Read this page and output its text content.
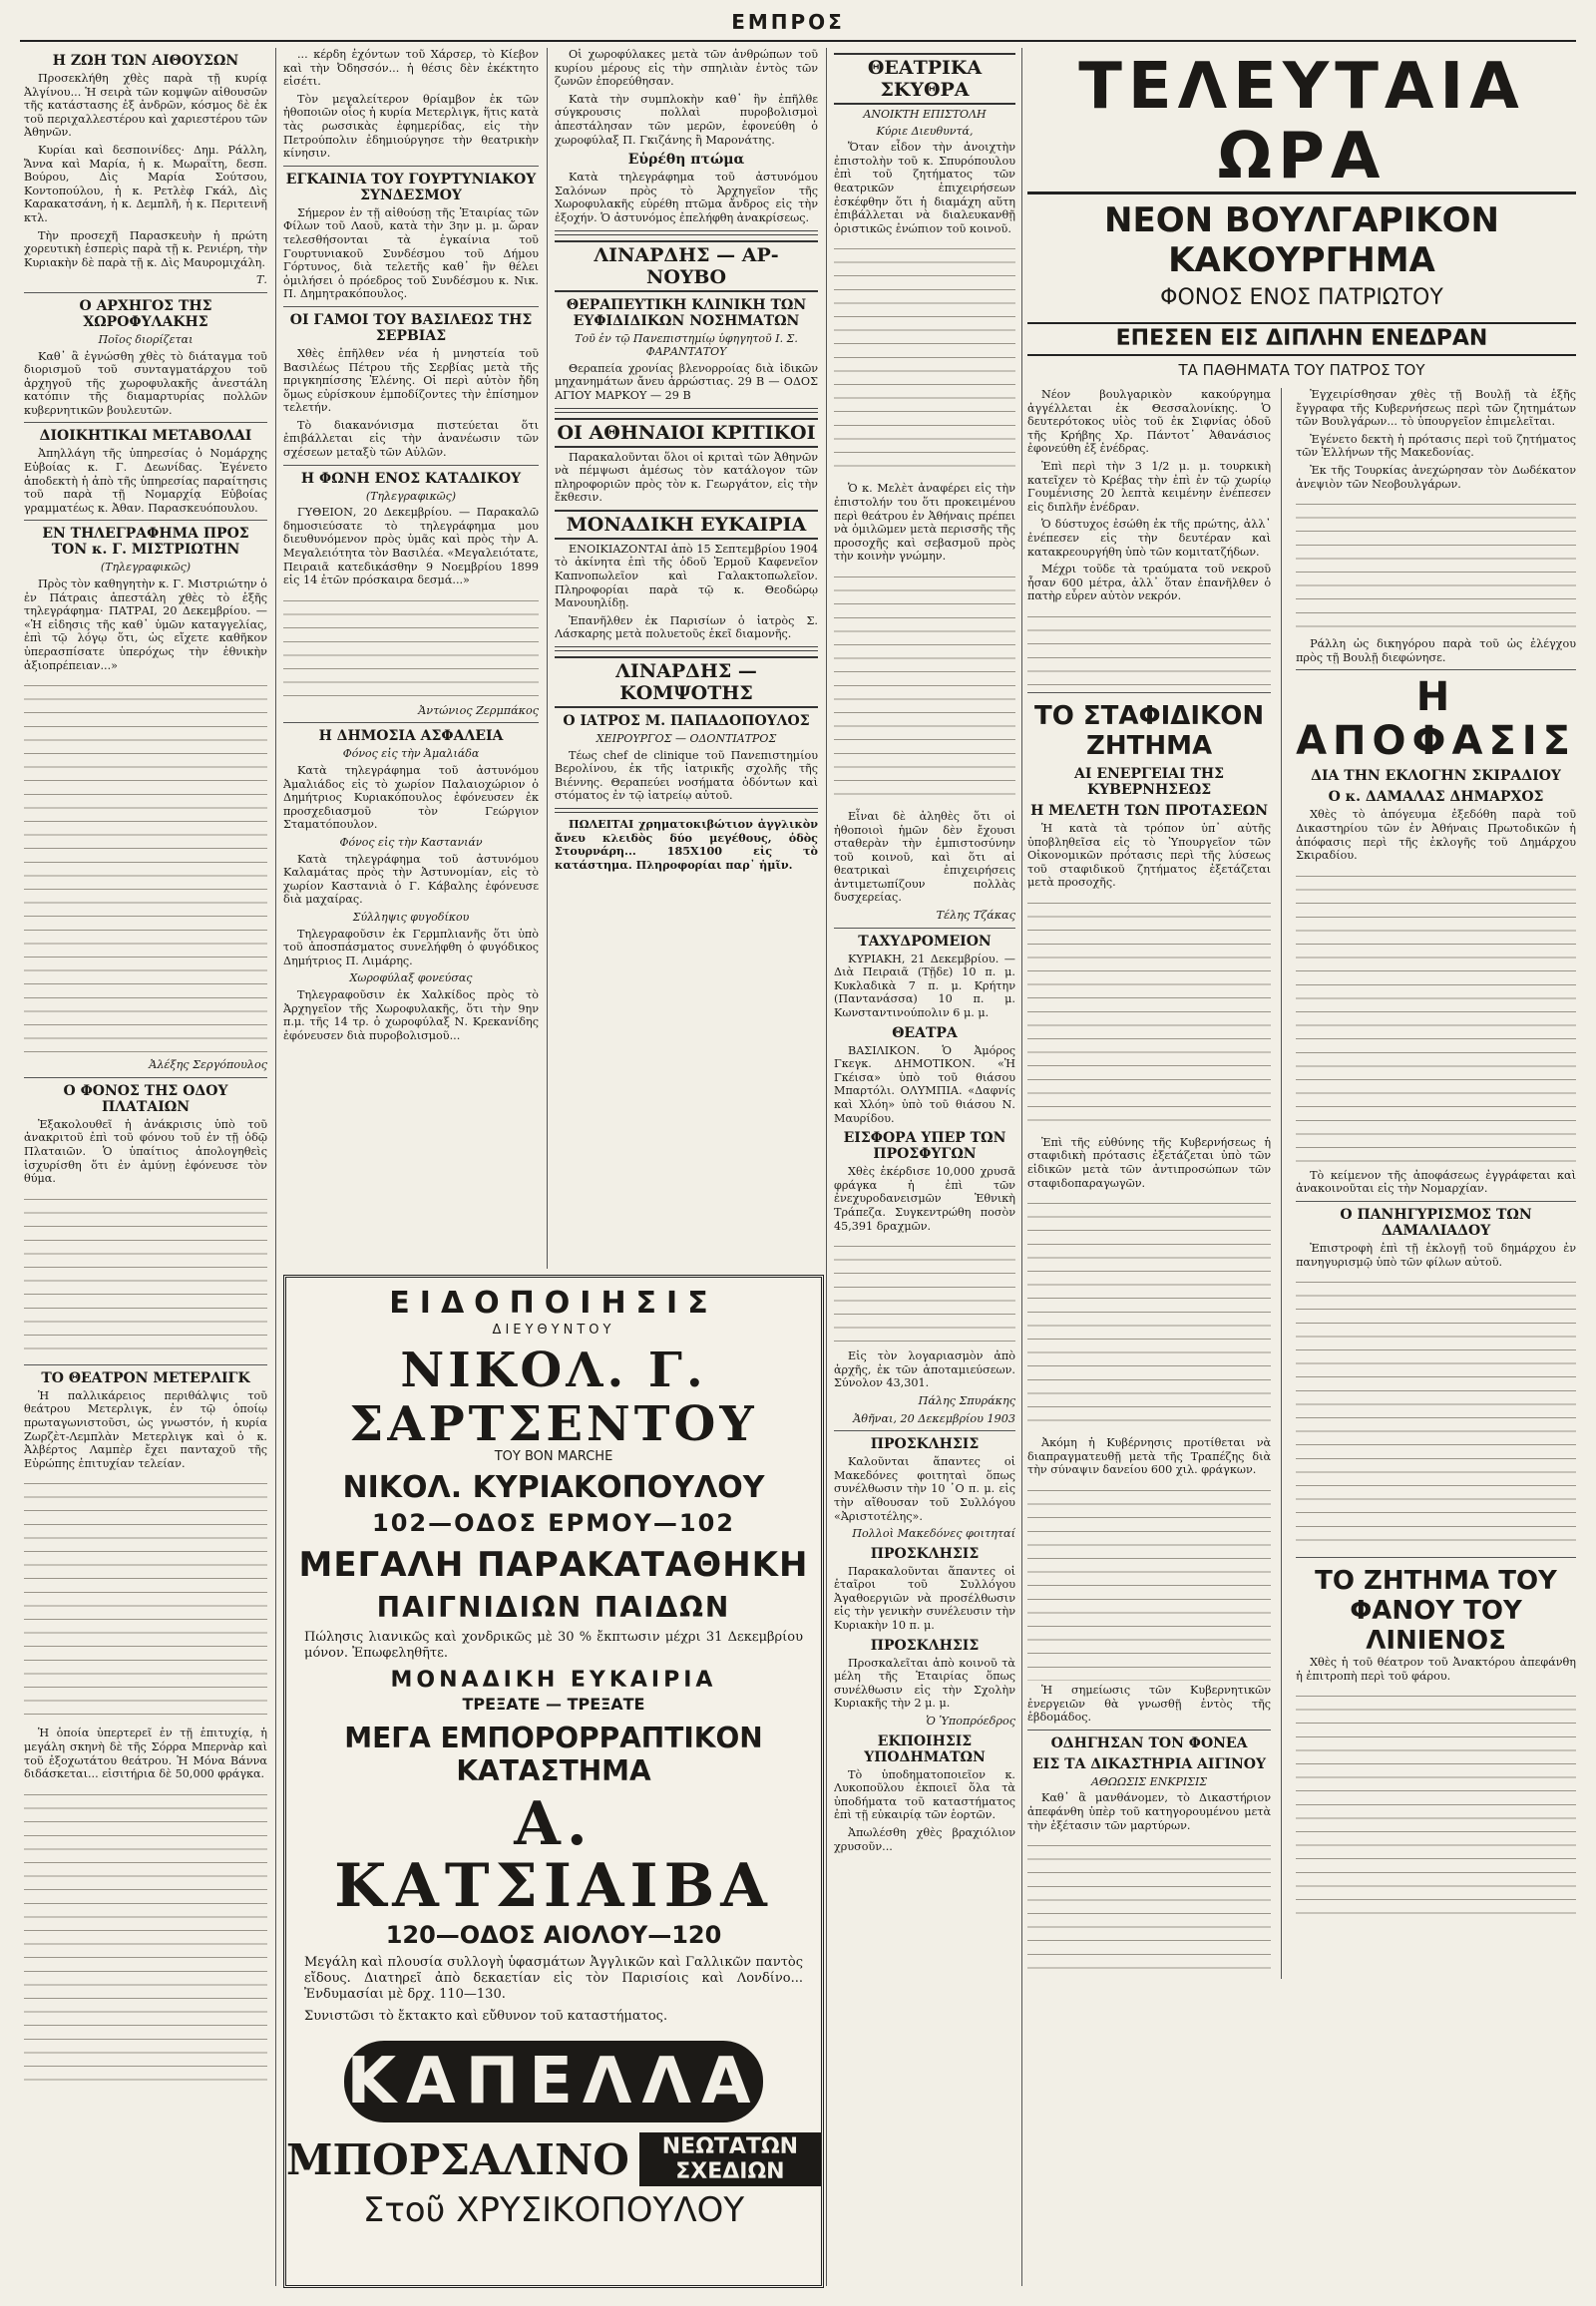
ΕΜΠΡΟΣ
Η ΖΩΗ ΤΩΝ ΑΙΘΟΥΣΩΝ

Προσεκλήθη χθὲς παρὰ τῇ κυρίᾳ Ἀλγίνου... Ἡ σειρὰ τῶν κομψῶν αἰθουσῶν τῆς κατάστασης ἐξ ἀνδρῶν, κόσμος δὲ ἐκ τοῦ περιχαλλεστέρου καὶ χαριεστέρου τῶν Ἀθηνῶν.

Κυρίαι καὶ δεσποινίδες· Δημ. Ράλλη, Ἄννα καὶ Μαρία, ἡ κ. Μωραΐτη, δεσπ. Βούρου, Δὶς Μαρία Σούτσου, Κοντοπούλου, ἡ κ. Ρετλὲφ Γκάλ, Δὶς Καρακατσάνη, ἡ κ. Δεμπλῆ, ἡ κ. Περιτεινῆ κτλ.

Τὴν προσεχῆ Παρασκευὴν ἡ πρώτη χορευτικὴ ἑσπερὶς παρὰ τῇ κ. Ρενιέρη, τὴν Κυριακὴν δὲ παρὰ τῇ κ. Δὶς Μαυρομιχάλη.

Τ.
Ο ΑΡΧΗΓΟΣ ΤΗΣ ΧΩΡΟΦΥΛΑΚΗΣ
Ποῖος διορίζεται

Καθ᾽ ἃ ἐγνώσθη χθὲς τὸ διάταγμα τοῦ διορισμοῦ τοῦ συνταγματάρχου τοῦ ἀρχηγοῦ τῆς χωροφυλακῆς ἀνεστάλη κατόπιν τῆς διαμαρτυρίας πολλῶν κυβερνητικῶν βουλευτῶν.

ΔΙΟΙΚΗΤΙΚΑΙ ΜΕΤΑΒΟΛΑΙ

Ἀπηλλάγη τῆς ὑπηρεσίας ὁ Νομάρχης Εὐβοίας κ. Γ. Δεωνίδας. Ἐγένετο ἀποδεκτὴ ἡ ἀπὸ τῆς ὑπηρεσίας παραίτησις τοῦ παρὰ τῇ Νομαρχίᾳ Εὐβοίας γραμματέως κ. Ἀθαν. Παρασκευόπουλου.

ΕΝ ΤΗΛΕΓΡΑΦΗΜΑ ΠΡΟΣ ΤΟΝ κ. Γ. ΜΙΣΤΡΙΩΤΗΝ
(Τηλεγραφικῶς)

Πρὸς τὸν καθηγητὴν κ. Γ. Μιστριώτην ὁ ἐν Πάτραις ἀπεστάλη χθὲς τὸ ἑξῆς τηλεγράφημα· ΠΑΤΡΑΙ, 20 Δεκεμβρίου. — «Ἡ εἰδησις τῆς καθ᾽ ὑμῶν καταγγελίας, ἐπὶ τῷ λόγῳ ὅτι, ὡς εἴχετε καθῆκον ὑπερασπίσατε ὑπερόχως τὴν ἐθνικὴν ἀξιοπρέπειαν...»

Ἀλέξης Σεργόπουλος
Ο ΦΟΝΟΣ ΤΗΣ ΟΔΟΥ ΠΛΑΤΑΙΩΝ

Ἐξακολουθεῖ ἡ ἀνάκρισις ὑπὸ τοῦ ἀνακριτοῦ ἐπὶ τοῦ φόνου τοῦ ἐν τῇ ὁδῷ Πλαταιῶν. Ὁ ὑπαίτιος ἀπολογηθεὶς ἰσχυρίσθη ὅτι ἐν ἀμύνῃ ἐφόνευσε τὸν θύμα.

ΤΟ ΘΕΑΤΡΟΝ ΜΕΤΕΡΛΙΓΚ

Ἡ παλλικάρειος περιθάλψις τοῦ θεάτρου Μετερλιγκ, ἐν τῷ ὁποίῳ πρωταγωνιστοῦσι, ὡς γνωστόν, ἡ κυρία Ζωρζὲτ-Λεμπλὰν Μετερλιγκ καὶ ὁ κ. Ἀλβέρτος Λαμπὲρ ἔχει πανταχοῦ τῆς Εὐρώπης ἐπιτυχίαν τελείαν.

Ἡ ὁποία ὑπερτερεῖ ἐν τῇ ἐπιτυχίᾳ, ἡ μεγάλη σκηνὴ δὲ τῆς Σόρρα Μπερνὰρ καὶ τοῦ ἐξοχωτάτου θεάτρου. Ἡ Μόνα Βάννα διδάσκεται... εἰσιτήρια δὲ 50,000 φράγκα.

... κέρδη ἐχόντων τοῦ Χάρσερ, τὸ Κίεβον καὶ τὴν Ὀδησσόν... ἡ θέσις δὲν ἐκέκτητο εἰσέτι.

Τὸν μεγαλείτερον θρίαμβον ἐκ τῶν ἠθοποιῶν οἷος ἡ κυρία Μετερλιγκ, ἥτις κατὰ τὰς ρωσσικὰς ἐφημερίδας, εἰς τὴν Πετρούπολιν ἐδημιούργησε τὴν θεατρικὴν κίνησιν.

ΕΓΚΑΙΝΙΑ ΤΟΥ ΓΟΥΡΤΥΝΙΑΚΟΥ ΣΥΝΔΕΣΜΟΥ

Σήμερον ἐν τῇ αἰθούσῃ τῆς Ἑταιρίας τῶν Φίλων τοῦ Λαοῦ, κατὰ τὴν 3ην μ. μ. ὥραν τελεσθήσονται τὰ ἐγκαίνια τοῦ Γουρτυνιακοῦ Συνδέσμου τοῦ Δήμου Γόρτυνος, διὰ τελετῆς καθ᾽ ἣν θέλει ὁμιλήσει ὁ πρόεδρος τοῦ Συνδέσμου κ. Νικ. Π. Δημητρακόπουλος.

ΟΙ ΓΑΜΟΙ ΤΟΥ ΒΑΣΙΛΕΩΣ ΤΗΣ ΣΕΡΒΙΑΣ

Χθὲς ἐπῆλθεν νέα ἡ μνηστεία τοῦ Βασιλέως Πέτρου τῆς Σερβίας μετὰ τῆς πριγκηπίσσης Ἑλένης. Οἱ περὶ αὐτὸν ἤδη ὅμως εὑρίσκουν ἐμποδίζοντες τὴν ἐπίσημον τελετήν.

Τὸ διακανόνισμα πιστεύεται ὅτι ἐπιβάλλεται εἰς τὴν ἀνανέωσιν τῶν σχέσεων μεταξὺ τῶν Αὐλῶν.

Η ΦΩΝΗ ΕΝΟΣ ΚΑΤΑΔΙΚΟΥ
(Τηλεγραφικῶς)

ΓΥΘΕΙΟΝ, 20 Δεκεμβρίου. — Παρακαλῶ δημοσιεύσατε τὸ τηλεγράφημα μου διευθυνόμενον πρὸς ὑμᾶς καὶ πρὸς τὴν Α. Μεγαλειότητα τὸν Βασιλέα. «Μεγαλειότατε, Πειραιᾶ κατεδικάσθην 9 Νοεμβρίου 1899 εἰς 14 ἐτῶν πρόσκαιρα δεσμά...»

Ἀντώνιος Ζερμπάκος
Η ΔΗΜΟΣΙΑ ΑΣΦΑΛΕΙΑ
Φόνος εἰς τὴν Ἀμαλιάδα

Κατὰ τηλεγράφημα τοῦ ἀστυνόμου Ἀμαλιάδος εἰς τὸ χωρίον Παλαιοχώριον ὁ Δημήτριος Κυριακόπουλος ἐφόνευσεν ἐκ προσχεδιασμοῦ τὸν Γεώργιον Σταματόπουλον.

Φόνος εἰς τὴν Καστανιάν

Κατὰ τηλεγράφημα τοῦ ἀστυνόμου Καλαμάτας πρὸς τὴν Ἀστυνομίαν, εἰς τὸ χωρίον Καστανιὰ ὁ Γ. Κάβαλης ἐφόνευσε διὰ μαχαίρας.

Σύλληψις φυγοδίκου

Τηλεγραφοῦσιν ἐκ Γερμπλιανῆς ὅτι ὑπὸ τοῦ ἀποσπάσματος συνελήφθη ὁ φυγόδικος Δημήτριος Π. Λιμάρης.

Χωροφύλαξ φονεύσας

Τηλεγραφοῦσιν ἐκ Χαλκίδος πρὸς τὸ Ἀρχηγεῖον τῆς Χωροφυλακῆς, ὅτι τὴν 9ην π.μ. τῆς 14 τρ. ὁ χωροφύλαξ Ν. Κρεκανίδης ἐφόνευσεν διὰ πυροβολισμοῦ...

Οἱ χωροφύλακες μετὰ τῶν ἀνθρώπων τοῦ κυρίου μέρους εἰς τὴν σπηλιὰν ἐντὸς τῶν ζωνῶν ἐπορεύθησαν.

Κατὰ τὴν συμπλοκὴν καθ᾽ ἣν ἐπῆλθε σύγκρουσις πολλαὶ πυροβολισμοὶ ἀπεστάλησαν τῶν μερῶν, ἐφονεύθη ὁ χωροφύλαξ Π. Γκιζάνης ἢ Μαρονάτης.

Εὑρέθη πτώμα

Κατὰ τηλεγράφημα τοῦ ἀστυνόμου Σαλόνων πρὸς τὸ Ἀρχηγεῖον τῆς Χωροφυλακῆς εὑρέθη πτῶμα ἄνδρος εἰς τὴν ἐξοχήν. Ὁ ἀστυνόμος ἐπελήφθη ἀνακρίσεως.

ΛΙΝΑΡΔΗΣ — ΑΡ-ΝΟΥΒΟ
ΘΕΡΑΠΕΥΤΙΚΗ ΚΛΙΝΙΚΗ ΤΩΝ ΕΥΦΙΔΙΔΙΚΩΝ ΝΟΣΗΜΑΤΩΝ
Τοῦ ἐν τῷ Πανεπιστημίῳ ὑφηγητοῦ Ι. Σ. ΦΑΡΑΝΤΑΤΟΥ

Θεραπεία χρονίας βλενορροίας διὰ ἰδικῶν μηχανημάτων ἄνευ ἀρρώστιας. 29 Β — ΟΔΟΣ ΑΓΙΟΥ ΜΑΡΚΟΥ — 29 Β

ΟΙ ΑΘΗΝΑΙΟΙ ΚΡΙΤΙΚΟΙ

Παρακαλοῦνται ὅλοι οἱ κριταὶ τῶν Ἀθηνῶν νὰ πέμψωσι ἀμέσως τὸν κατάλογον τῶν πληροφοριῶν πρὸς τὸν κ. Γεωργάτον, εἰς τὴν ἔκθεσιν.

ΜΟΝΑΔΙΚΗ ΕΥΚΑΙΡΙΑ

ΕΝΟΙΚΙΑΖΟΝΤΑΙ ἀπὸ 15 Σεπτεμβρίου 1904 τὸ ἀκίνητα ἐπὶ τῆς ὁδοῦ Ἑρμοῦ Καφενεῖον Καπνοπωλεῖον καὶ Γαλακτοπωλεῖον. Πληροφορίαι παρὰ τῷ κ. Θεοδώρῳ Μανουηλίδῃ.

Ἐπανῆλθεν ἐκ Παρισίων ὁ ἰατρὸς Σ. Λάσκαρης μετὰ πολυετοῦς ἐκεῖ διαμονῆς.

ΛΙΝΑΡΔΗΣ — ΚΟΜΨΟΤΗΣ
Ο ΙΑΤΡΟΣ Μ. ΠΑΠΑΔΟΠΟΥΛΟΣ
ΧΕΙΡΟΥΡΓΟΣ — ΟΔΟΝΤΙΑΤΡΟΣ

Τέως chef de clinique τοῦ Πανεπιστημίου Βερολίνου, ἐκ τῆς ἰατρικῆς σχολῆς τῆς Βιέννης. Θεραπεύει νοσήματα ὀδόντων καὶ στόματος ἐν τῷ ἰατρείῳ αὐτοῦ.

ΠΩΛΕΙΤΑΙ χρηματοκιβώτιον ἀγγλικὸν ἄνευ κλειδὸς δύο μεγέθους, ὁδὸς Στουρνάρη... 185Χ100 εἰς τὸ κατάστημα. Πληροφορίαι παρ᾽ ἡμῖν.

ΕΙΔΟΠΟΙΗΣΙΣ
ΔΙΕΥΘΥΝΤΟΥ
ΝΙΚΟΛ. Γ. ΣΑΡΤΣΕΝΤΟΥ
ΤΟΥ BON MARCHE
ΝΙΚΟΛ. ΚΥΡΙΑΚΟΠΟΥΛΟΥ
102—ΟΔΟΣ ΕΡΜΟΥ—102
ΜΕΓΑΛΗ ΠΑΡΑΚΑΤΑΘΗΚΗ
ΠΑΙΓΝΙΔΙΩΝ ΠΑΙΔΩΝ
Πώλησις λιανικῶς καὶ χονδρικῶς μὲ 30 % ἔκπτωσιν μέχρι 31 Δεκεμβρίου μόνον. Ἐπωφεληθῆτε.
ΜΟΝΑΔΙΚΗ ΕΥΚΑΙΡΙΑ
ΤΡΕΞΑΤΕ — ΤΡΕΞΑΤΕ
ΜΕΓΑ ΕΜΠΟΡΟΡΡΑΠΤΙΚΟΝ ΚΑΤΑΣΤΗΜΑ
Α. ΚΑΤΣΙΑΙΒΑ
120—ΟΔΟΣ ΑΙΟΛΟΥ—120
Μεγάλη καὶ πλουσία συλλογὴ ὑφασμάτων Ἀγγλικῶν καὶ Γαλλικῶν παντὸς εἴδους. Διατηρεῖ ἀπὸ δεκαετίαν εἰς τὸν Παρισίοις καὶ Λονδίνο... Ἐνδυμασίαι μὲ δρχ. 110—130.
Συνιστῶσι τὸ ἔκτακτο καὶ εὔθυνον τοῦ καταστήματος.
ΚΑΠΕΛΛΑ
ΜΠΟΡΣΑΛΙΝΟ	ΝΕΩΤΑΤΩΝ ΣΧΕΔΙΩΝ
Στοῦ ΧΡΥΣΙΚΟΠΟΥΛΟΥ
ΘΕΑΤΡΙΚΑ ΣΚΥΘΡΑ
ΑΝΟΙΚΤΗ ΕΠΙΣΤΟΛΗ
Κύριε Διευθυντά,

Ὅταν εἶδον τὴν ἀνοιχτὴν ἐπιστολὴν τοῦ κ. Σπυρόπουλου ἐπὶ τοῦ ζητήματος τῶν θεατρικῶν ἐπιχειρήσεων ἐσκέφθην ὅτι ἡ διαμάχη αὕτη ἐπιβάλλεται νὰ διαλευκανθῇ ὁριστικῶς ἐνώπιον τοῦ κοινοῦ.

Ὁ κ. Μελὲτ ἀναφέρει εἰς τὴν ἐπιστολήν του ὅτι προκειμένου περὶ θεάτρου ἐν Ἀθήναις πρέπει νὰ ὁμιλῶμεν μετὰ περισσῆς τῆς προσοχῆς καὶ σεβασμοῦ πρὸς τὴν κοινὴν γνώμην.

Εἶναι δὲ ἀληθὲς ὅτι οἱ ἠθοποιοὶ ἡμῶν δὲν ἔχουσι σταθερὰν τὴν ἐμπιστοσύνην τοῦ κοινοῦ, καὶ ὅτι αἱ θεατρικαὶ ἐπιχειρήσεις ἀντιμετωπίζουν πολλὰς δυσχερείας.

Τέλης Τζάκας
ΤΑΧΥΔΡΟΜΕΙΟΝ

ΚΥΡΙΑΚΗ, 21 Δεκεμβρίου. — Διὰ Πειραιᾶ (Τῇδε) 10 π. μ. Κυκλαδικὰ 7 π. μ. Κρήτην (Παντανάσσα) 10 π. μ. Κωνσταντινούπολιν 6 μ. μ.

ΘΕΑΤΡΑ

ΒΑΣΙΛΙΚΟΝ. Ὁ Ἀμόρος Γκεγκ. ΔΗΜΟΤΙΚΟΝ. «Ἡ Γκέισα» ὑπὸ τοῦ θιάσου Μπαρτόλι. ΟΛΥΜΠΙΑ. «Δαφνίς καὶ Χλόη» ὑπὸ τοῦ θιάσου Ν. Μαυρίδου.

ΕΙΣΦΟΡΑ ΥΠΕΡ ΤΩΝ ΠΡΟΣΦΥΓΩΝ

Χθὲς ἐκέρδισε 10,000 χρυσᾶ φράγκα ἡ ἐπὶ τῶν ἐνεχυροδανεισμῶν Ἑθνικὴ Τράπεζα. Συγκεντρώθη ποσὸν 45,391 δραχμῶν.

Εἰς τὸν λογαριασμὸν ἀπὸ ἀρχῆς, ἐκ τῶν ἀποταμιεύσεων. Σύνολον 43,301.

Πάλης Σπυράκης
Ἀθῆναι, 20 Δεκεμβρίου 1903
ΠΡΟΣΚΛΗΣΙΣ

Καλοῦνται ἅπαντες οἱ Μακεδόνες φοιτηταὶ ὅπως συνέλθωσιν τὴν 10 ᾽Ο π. μ. εἰς τὴν αἴθουσαν τοῦ Συλλόγου «Ἀριστοτέλης».

Πολλοὶ Μακεδόνες φοιτηταί
ΠΡΟΣΚΛΗΣΙΣ

Παρακαλοῦνται ἅπαντες οἱ ἑταῖροι τοῦ Συλλόγου Ἀγαθοεργιῶν νὰ προσέλθωσιν εἰς τὴν γενικὴν συνέλευσιν τὴν Κυριακὴν 10 π. μ.

ΠΡΟΣΚΛΗΣΙΣ

Προσκαλεῖται ἀπὸ κοινοῦ τὰ μέλη τῆς Ἑταιρίας ὅπως συνέλθωσιν εἰς τὴν Σχολὴν Κυριακῆς τὴν 2 μ. μ.

Ὁ Ὑποπρόεδρος
ΕΚΠΟΙΗΣΙΣ ΥΠΟΔΗΜΑΤΩΝ

Τὸ ὑποδηματοποιεῖον κ. Λυκοποῦλου ἐκποιεῖ ὅλα τὰ ὑποδήματα τοῦ καταστήματος ἐπὶ τῇ εὐκαιρίᾳ τῶν ἑορτῶν.

Ἀπωλέσθη χθὲς βραχιόλιον χρυσοῦν...

ΤΕΛΕΥΤΑΙΑ ΩΡΑ
ΝΕΟΝ ΒΟΥΛΓΑΡΙΚΟΝ ΚΑΚΟΥΡΓΗΜΑ
ΦΟΝΟΣ ΕΝΟΣ ΠΑΤΡΙΩΤΟΥ
ΕΠΕΣΕΝ ΕΙΣ ΔΙΠΛΗΝ ΕΝΕΔΡΑΝ
ΤΑ ΠΑΘΗΜΑΤΑ ΤΟΥ ΠΑΤΡΟΣ ΤΟΥ

Νέον βουλγαρικὸν κακούργημα ἀγγέλλεται ἐκ Θεσσαλονίκης. Ὁ δευτερότοκος υἱὸς τοῦ ἐκ Σιφνίας ὁδοῦ τῆς Κρήβης Χρ. Πάντοτ᾽ Ἀθανάσιος ἐφονεύθη ἐξ ἐνέδρας.

Ἐπὶ περὶ τὴν 3 1/2 μ. μ. τουρκικὴ κατεῖχεν τὸ Κρέβας τὴν ἐπὶ ἐν τῷ χωρίῳ Γουμένισης 20 λεπτὰ κειμένην ἐνέπεσεν εἰς διπλῆν ἐνέδραν.

Ὁ δύστυχος ἐσώθη ἐκ τῆς πρώτης, ἀλλ᾽ ἐνέπεσεν εἰς τὴν δευτέραν καὶ κατακρεουργήθη ὑπὸ τῶν κομιτατζήδων.

Μέχρι τοῦδε τὰ τραύματα τοῦ νεκροῦ ἦσαν 600 μέτρα, ἀλλ᾽ ὅταν ἐπανῆλθεν ὁ πατὴρ εὗρεν αὐτὸν νεκρόν.

ΤΟ ΣΤΑΦΙΔΙΚΟΝ ΖΗΤΗΜΑ
ΑΙ ΕΝΕΡΓΕΙΑΙ ΤΗΣ ΚΥΒΕΡΝΗΣΕΩΣ
Η ΜΕΛΕΤΗ ΤΩΝ ΠΡΟΤΑΣΕΩΝ

Ἡ κατὰ τὰ τρόπον ὑπ᾽ αὐτῆς ὑποβληθεῖσα εἰς τὸ Ὑπουργεῖον τῶν Οἰκονομικῶν πρότασις περὶ τῆς λύσεως τοῦ σταφιδικοῦ ζητήματος ἐξετάζεται μετὰ προσοχῆς.

Ἐπὶ τῆς εὐθύνης τῆς Κυβερνήσεως ἡ σταφιδικὴ πρότασις ἐξετάζεται ὑπὸ τῶν εἰδικῶν μετὰ τῶν ἀντιπροσώπων τῶν σταφιδοπαραγωγῶν.

Ἀκόμη ἡ Κυβέρνησις προτίθεται νὰ διαπραγματευθῇ μετὰ τῆς Τραπέζης διὰ τὴν σύναψιν δανείου 600 χιλ. φράγκων.

Ἡ σημείωσις τῶν Κυβερνητικῶν ἐνεργειῶν θὰ γνωσθῇ ἐντὸς τῆς ἑβδομάδος.

ΟΔΗΓΗΣΑΝ ΤΟΝ ΦΟΝΕΑ
ΕΙΣ ΤΑ ΔΙΚΑΣΤΗΡΙΑ ΑΙΓΙΝΟΥ
ΑΘΩΩΣΙΣ ΕΝΚΡΙΣΙΣ

Καθ᾽ ἃ μανθάνομεν, τὸ Δικαστήριον ἀπεφάνθη ὑπὲρ τοῦ κατηγορουμένου μετὰ τὴν ἐξέτασιν τῶν μαρτύρων.

Ἐγχειρίσθησαν χθὲς τῇ Βουλῇ τὰ ἑξῆς ἔγγραφα τῆς Κυβερνήσεως περὶ τῶν ζητημάτων τῶν Βουλγάρων... τὸ ὑπουργεῖον ἐπιμελεῖται.

Ἐγένετο δεκτὴ ἡ πρότασις περὶ τοῦ ζητήματος τῶν Ἑλλήνων τῆς Μακεδονίας.

Ἐκ τῆς Τουρκίας ἀνεχώρησαν τὸν Δωδέκατον ἀνεψιὸν τῶν Νεοβουλγάρων.

Ράλλη ὡς δικηγόρου παρὰ τοῦ ὡς ἐλέγχου πρὸς τῇ Βουλῇ διεφώνησε.

Η ΑΠΟΦΑΣΙΣ
ΔΙΑ ΤΗΝ ΕΚΛΟΓΗΝ ΣΚΙΡΑΔΙΟΥ
Ο κ. ΔΑΜΑΛΑΣ ΔΗΜΑΡΧΟΣ

Χθὲς τὸ ἀπόγευμα ἐξεδόθη παρὰ τοῦ Δικαστηρίου τῶν ἐν Ἀθήναις Πρωτοδικῶν ἡ ἀπόφασις περὶ τῆς ἐκλογῆς τοῦ Δημάρχου Σκιραδίου.

Τὸ κείμενον τῆς ἀποφάσεως ἐγγράφεται καὶ ἀνακοινοῦται εἰς τὴν Νομαρχίαν.

Ο ΠΑΝΗΓΥΡΙΣΜΟΣ ΤΩΝ ΔΑΜΑΛΙΑΔΟΥ

Ἐπιστροφὴ ἐπὶ τῇ ἐκλογῇ τοῦ δημάρχου ἐν πανηγυρισμῷ ὑπὸ τῶν φίλων αὐτοῦ.

ΤΟ ΖΗΤΗΜΑ ΤΟΥ ΦΑΝΟΥ ΤΟΥ ΛΙΝΙΕΝΟΣ

Χθὲς ἡ τοῦ θέατρον τοῦ Ἀνακτόρου ἀπεφάνθη ἡ ἐπιτροπὴ περὶ τοῦ φάρου.
